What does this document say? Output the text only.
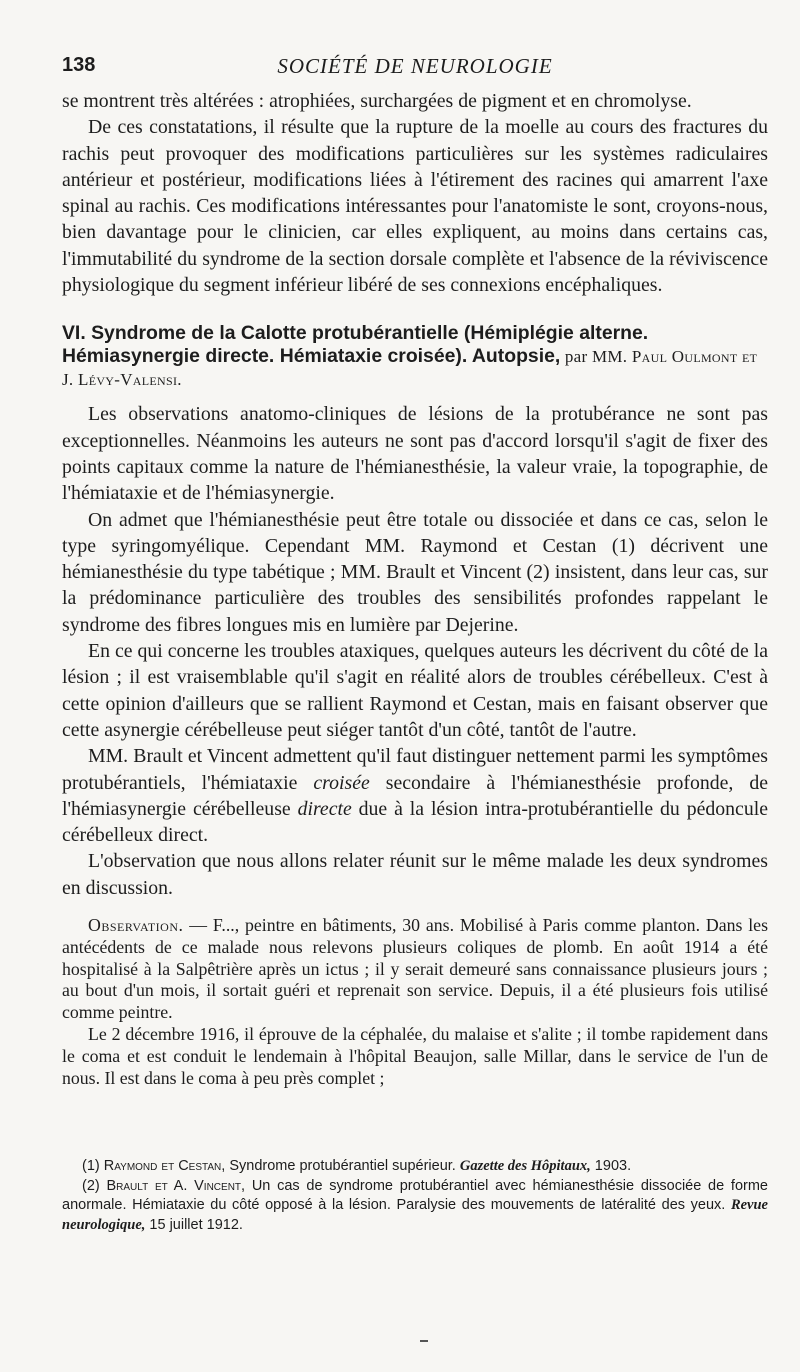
138	SOCIÉTÉ DE NEUROLOGIE

se montrent très altérées : atrophiées, surchargées de pigment et en chromolyse.

De ces constatations, il résulte que la rupture de la moelle au cours des fractures du rachis peut provoquer des modifications particulières sur les systèmes radiculaires antérieur et postérieur, modifications liées à l'étirement des racines qui amarrent l'axe spinal au rachis. Ces modifications intéressantes pour l'anatomiste le sont, croyons-nous, bien davantage pour le clinicien, car elles expliquent, au moins dans certains cas, l'immutabilité du syndrome de la section dorsale complète et l'absence de la réviviscence physiologique du segment inférieur libéré de ses connexions encéphaliques.

VI. Syndrome de la Calotte protubérantielle (Hémiplégie alterne. Hémiasynergie directe. Hémiataxie croisée). Autopsie, par MM. Paul Oulmont et J. Lévy-Valensi.

Les observations anatomo-cliniques de lésions de la protubérance ne sont pas exceptionnelles. Néanmoins les auteurs ne sont pas d'accord lorsqu'il s'agit de fixer des points capitaux comme la nature de l'hémianesthésie, la valeur vraie, la topographie, de l'hémiataxie et de l'hémiasynergie.

On admet que l'hémianesthésie peut être totale ou dissociée et dans ce cas, selon le type syringomyélique. Cependant MM. Raymond et Cestan (1) décrivent une hémianesthésie du type tabétique ; MM. Brault et Vincent (2) insistent, dans leur cas, sur la prédominance particulière des troubles des sensibilités profondes rappelant le syndrome des fibres longues mis en lumière par Dejerine.

En ce qui concerne les troubles ataxiques, quelques auteurs les décrivent du côté de la lésion ; il est vraisemblable qu'il s'agit en réalité alors de troubles cérébelleux. C'est à cette opinion d'ailleurs que se rallient Raymond et Cestan, mais en faisant observer que cette asynergie cérébelleuse peut siéger tantôt d'un côté, tantôt de l'autre.

MM. Brault et Vincent admettent qu'il faut distinguer nettement parmi les symptômes protubérantiels, l'hémiataxie croisée secondaire à l'hémianesthésie profonde, de l'hémiasynergie cérébelleuse directe due à la lésion intra-protubérantielle du pédoncule cérébelleux direct.

L'observation que nous allons relater réunit sur le même malade les deux syndromes en discussion.

Observation. — F..., peintre en bâtiments, 30 ans. Mobilisé à Paris comme planton. Dans les antécédents de ce malade nous relevons plusieurs coliques de plomb. En août 1914 a été hospitalisé à la Salpêtrière après un ictus ; il y serait demeuré sans connaissance plusieurs jours ; au bout d'un mois, il sortait guéri et reprenait son service. Depuis, il a été plusieurs fois utilisé comme peintre.

Le 2 décembre 1916, il éprouve de la céphalée, du malaise et s'alite ; il tombe rapidement dans le coma et est conduit le lendemain à l'hôpital Beaujon, salle Millar, dans le service de l'un de nous. Il est dans le coma à peu près complet ;

(1) Raymond et Cestan, Syndrome protubérantiel supérieur. Gazette des Hôpitaux, 1903.

(2) Brault et A. Vincent, Un cas de syndrome protubérantiel avec hémianesthésie dissociée de forme anormale. Hémiataxie du côté opposé à la lésion. Paralysie des mouvements de latéralité des yeux. Revue neurologique, 15 juillet 1912.
